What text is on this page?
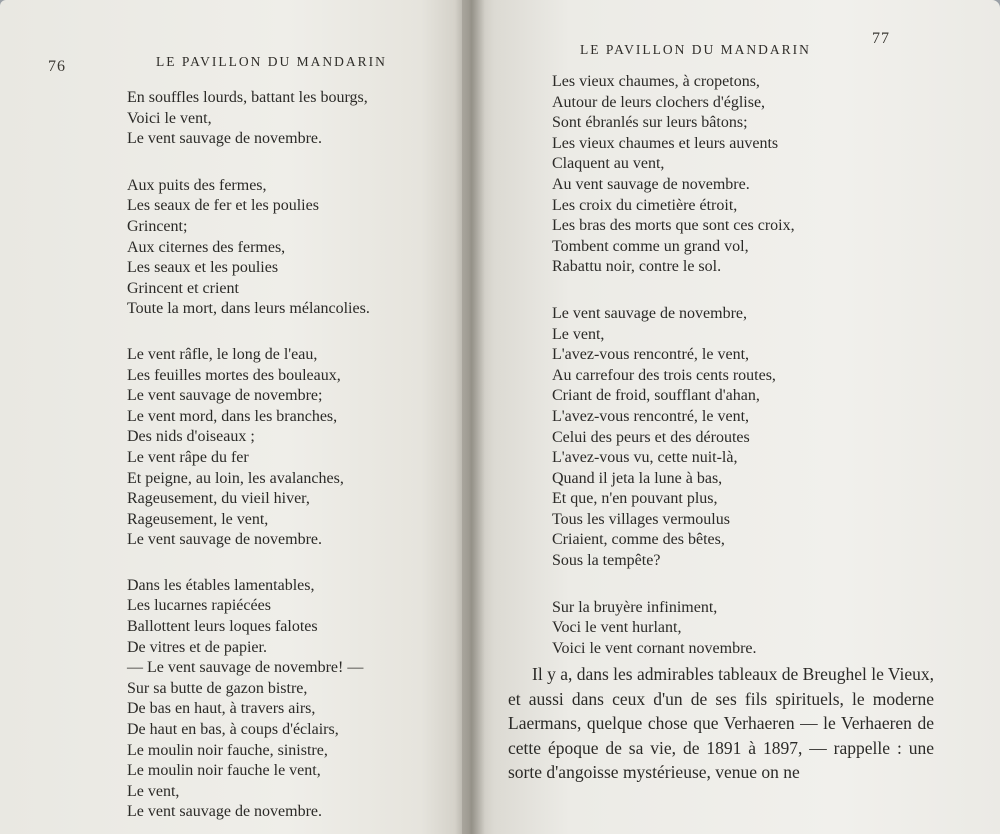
76	LE PAVILLON DU MANDARIN
En souffles lourds, battant les bourgs,
Voici le vent,
Le vent sauvage de novembre.
Aux puits des fermes,
Les seaux de fer et les poulies
Grincent;
Aux citernes des fermes,
Les seaux et les poulies
Grincent et crient
Toute la mort, dans leurs mélancolies.
Le vent râfle, le long de l'eau,
Les feuilles mortes des bouleaux,
Le vent sauvage de novembre;
Le vent mord, dans les branches,
Des nids d'oiseaux ;
Le vent râpe du fer
Et peigne, au loin, les avalanches,
Rageusement, du vieil hiver,
Rageusement, le vent,
Le vent sauvage de novembre.
Dans les étables lamentables,
Les lucarnes rapiécées
Ballottent leurs loques falotes
De vitres et de papier.
— Le vent sauvage de novembre! —
Sur sa butte de gazon bistre,
De bas en haut, à travers airs,
De haut en bas, à coups d'éclairs,
Le moulin noir fauche, sinistre,
Le moulin noir fauche le vent,
Le vent,
Le vent sauvage de novembre.
77
LE PAVILLON DU MANDARIN
Les vieux chaumes, à cropetons,
Autour de leurs clochers d'église,
Sont ébranlés sur leurs bâtons;
Les vieux chaumes et leurs auvents
Claquent au vent,
Au vent sauvage de novembre.
Les croix du cimetière étroit,
Les bras des morts que sont ces croix,
Tombent comme un grand vol,
Rabattu noir, contre le sol.
Le vent sauvage de novembre,
Le vent,
L'avez-vous rencontré, le vent,
Au carrefour des trois cents routes,
Criant de froid, soufflant d'ahan,
L'avez-vous rencontré, le vent,
Celui des peurs et des déroutes
L'avez-vous vu, cette nuit-là,
Quand il jeta la lune à bas,
Et que, n'en pouvant plus,
Tous les villages vermoulus
Criaient, comme des bêtes,
Sous la tempête?
Sur la bruyère infiniment,
Voci le vent hurlant,
Voici le vent cornant novembre.

Il y a, dans les admirables tableaux de Breughel le Vieux, et aussi dans ceux d'un de ses fils spirituels, le moderne Laermans, quelque chose que Verhaeren — le Verhaeren de cette époque de sa vie, de 1891 à 1897, — rappelle : une sorte d'angoisse mystérieuse, venue on ne
